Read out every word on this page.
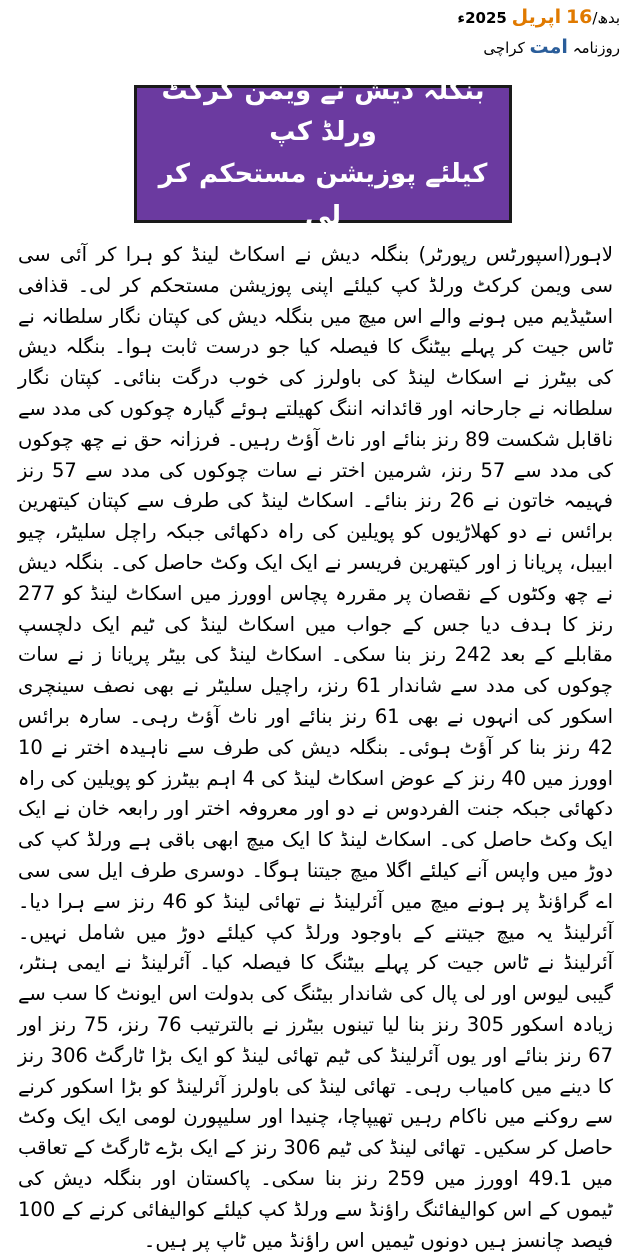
بدھ/16 اپریل 2025ء
روزنامہ امت کراچی
بنگلہ دیش نے ویمن کرکٹ ورلڈ کپ
کیلئے پوزیشن مستحکم کر لی

لاہور(اسپورٹس رپورٹر) بنگلہ دیش نے اسکاٹ لینڈ کو ہرا کر آئی سی سی ویمن کرکٹ ورلڈ کپ کیلئے اپنی پوزیشن مستحکم کر لی۔ قذافی اسٹیڈیم میں ہونے والے اس میچ میں بنگلہ دیش کی کپتان نگار سلطانہ نے ٹاس جیت کر پہلے بیٹنگ کا فیصلہ کیا جو درست ثابت ہوا۔ بنگلہ دیش کی بیٹرز نے اسکاٹ لینڈ کی باولرز کی خوب درگت بنائی۔ کپتان نگار سلطانہ نے جارحانہ اور قائدانہ اننگ کھیلتے ہوئے گیارہ چوکوں کی مدد سے ناقابل شکست 89 رنز بنائے اور ناٹ آؤٹ رہیں۔ فرزانہ حق نے چھ چوکوں کی مدد سے 57 رنز، شرمین اختر نے سات چوکوں کی مدد سے 57 رنز فہیمہ خاتون نے 26 رنز بنائے۔ اسکاٹ لینڈ کی طرف سے کپتان کیتھرین برائس نے دو کھلاڑیوں کو پویلین کی راہ دکھائی جبکہ راچل سلیٹر، چیو ابیبل، پریانا ز اور کیتھرین فریسر نے ایک ایک وکٹ حاصل کی۔ بنگلہ دیش نے چھ وکٹوں کے نقصان پر مقررہ پچاس اوورز میں اسکاٹ لینڈ کو 277 رنز کا ہدف دیا جس کے جواب میں اسکاٹ لینڈ کی ٹیم ایک دلچسپ مقابلے کے بعد 242 رنز بنا سکی۔ اسکاٹ لینڈ کی بیٹر پریانا ز نے سات چوکوں کی مدد سے شاندار 61 رنز، راچیل سلیٹر نے بھی نصف سینچری اسکور کی انہوں نے بھی 61 رنز بنائے اور ناٹ آؤٹ رہی۔ سارہ برائس 42 رنز بنا کر آؤٹ ہوئی۔ بنگلہ دیش کی طرف سے ناہیدہ اختر نے 10 اوورز میں 40 رنز کے عوض اسکاٹ لینڈ کی 4 اہم بیٹرز کو پویلین کی راہ دکھائی جبکہ جنت الفردوس نے دو اور معروفہ اختر اور رابعہ خان نے ایک ایک وکٹ حاصل کی۔ اسکاٹ لینڈ کا ایک میچ ابھی باقی ہے ورلڈ کپ کی دوڑ میں واپس آنے کیلئے اگلا میچ جیتنا ہوگا۔ دوسری طرف ایل سی سی اے گراؤنڈ پر ہونے میچ میں آئرلینڈ نے تھائی لینڈ کو 46 رنز سے ہرا دیا۔ آئرلینڈ یہ میچ جیتنے کے باوجود ورلڈ کپ کیلئے دوڑ میں شامل نہیں۔ آئرلینڈ نے ٹاس جیت کر پہلے بیٹنگ کا فیصلہ کیا۔ آئرلینڈ نے ایمی ہنٹر، گیبی لیوس اور لی پال کی شاندار بیٹنگ کی بدولت اس ایونٹ کا سب سے زیادہ اسکور 305 رنز بنا لیا تینوں بیٹرز نے بالترتیب 76 رنز، 75 رنز اور 67 رنز بنائے اور یوں آئرلینڈ کی ٹیم تھائی لینڈ کو ایک بڑا ٹارگٹ 306 رنز کا دینے میں کامیاب رہی۔ تھائی لینڈ کی باولرز آئرلینڈ کو بڑا اسکور کرنے سے روکنے میں ناکام رہیں تھیپاچا، چنیدا اور سلیپورن لومی ایک ایک وکٹ حاصل کر سکیں۔ تھائی لینڈ کی ٹیم 306 رنز کے ایک بڑے ٹارگٹ کے تعاقب میں 49.1 اوورز میں 259 رنز بنا سکی۔ پاکستان اور بنگلہ دیش کی ٹیموں کے اس کوالیفائنگ راؤنڈ سے ورلڈ کپ کیلئے کوالیفائی کرنے کے 100 فیصد چانسز ہیں دونوں ٹیمیں اس راؤنڈ میں ٹاپ پر ہیں۔
